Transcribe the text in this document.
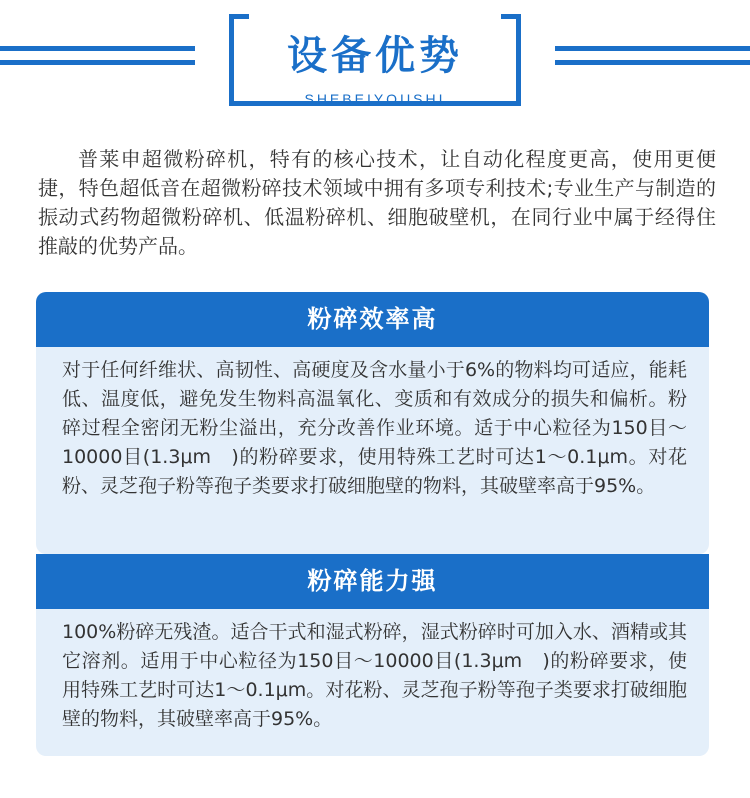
设备优势
SHEBEIYOUSHI
普莱申超微粉碎机，特有的核心技术，让自动化程度更高，使用更便捷，特色超低音在超微粉碎技术领域中拥有多项专利技术;专业生产与制造的振动式药物超微粉碎机、低温粉碎机、细胞破壁机，在同行业中属于经得住推敲的优势产品。
粉碎效率高
对于任何纤维状、高韧性、高硬度及含水量小于6%的物料均可适应，能耗低、温度低，避免发生物料高温氧化、变质和有效成分的损失和偏析。粉碎过程全密闭无粉尘溢出，充分改善作业环境。适于中心粒径为150目～10000目(1.3μm　)的粉碎要求，使用特殊工艺时可达1～0.1μm。对花粉、灵芝孢子粉等孢子类要求打破细胞壁的物料，其破壁率高于95%。
粉碎能力强
100%粉碎无残渣。适合干式和湿式粉碎，湿式粉碎时可加入水、酒精或其它溶剂。适用于中心粒径为150目～10000目(1.3μm　)的粉碎要求，使用特殊工艺时可达1～0.1μm。对花粉、灵芝孢子粉等孢子类要求打破细胞壁的物料，其破壁率高于95%。
